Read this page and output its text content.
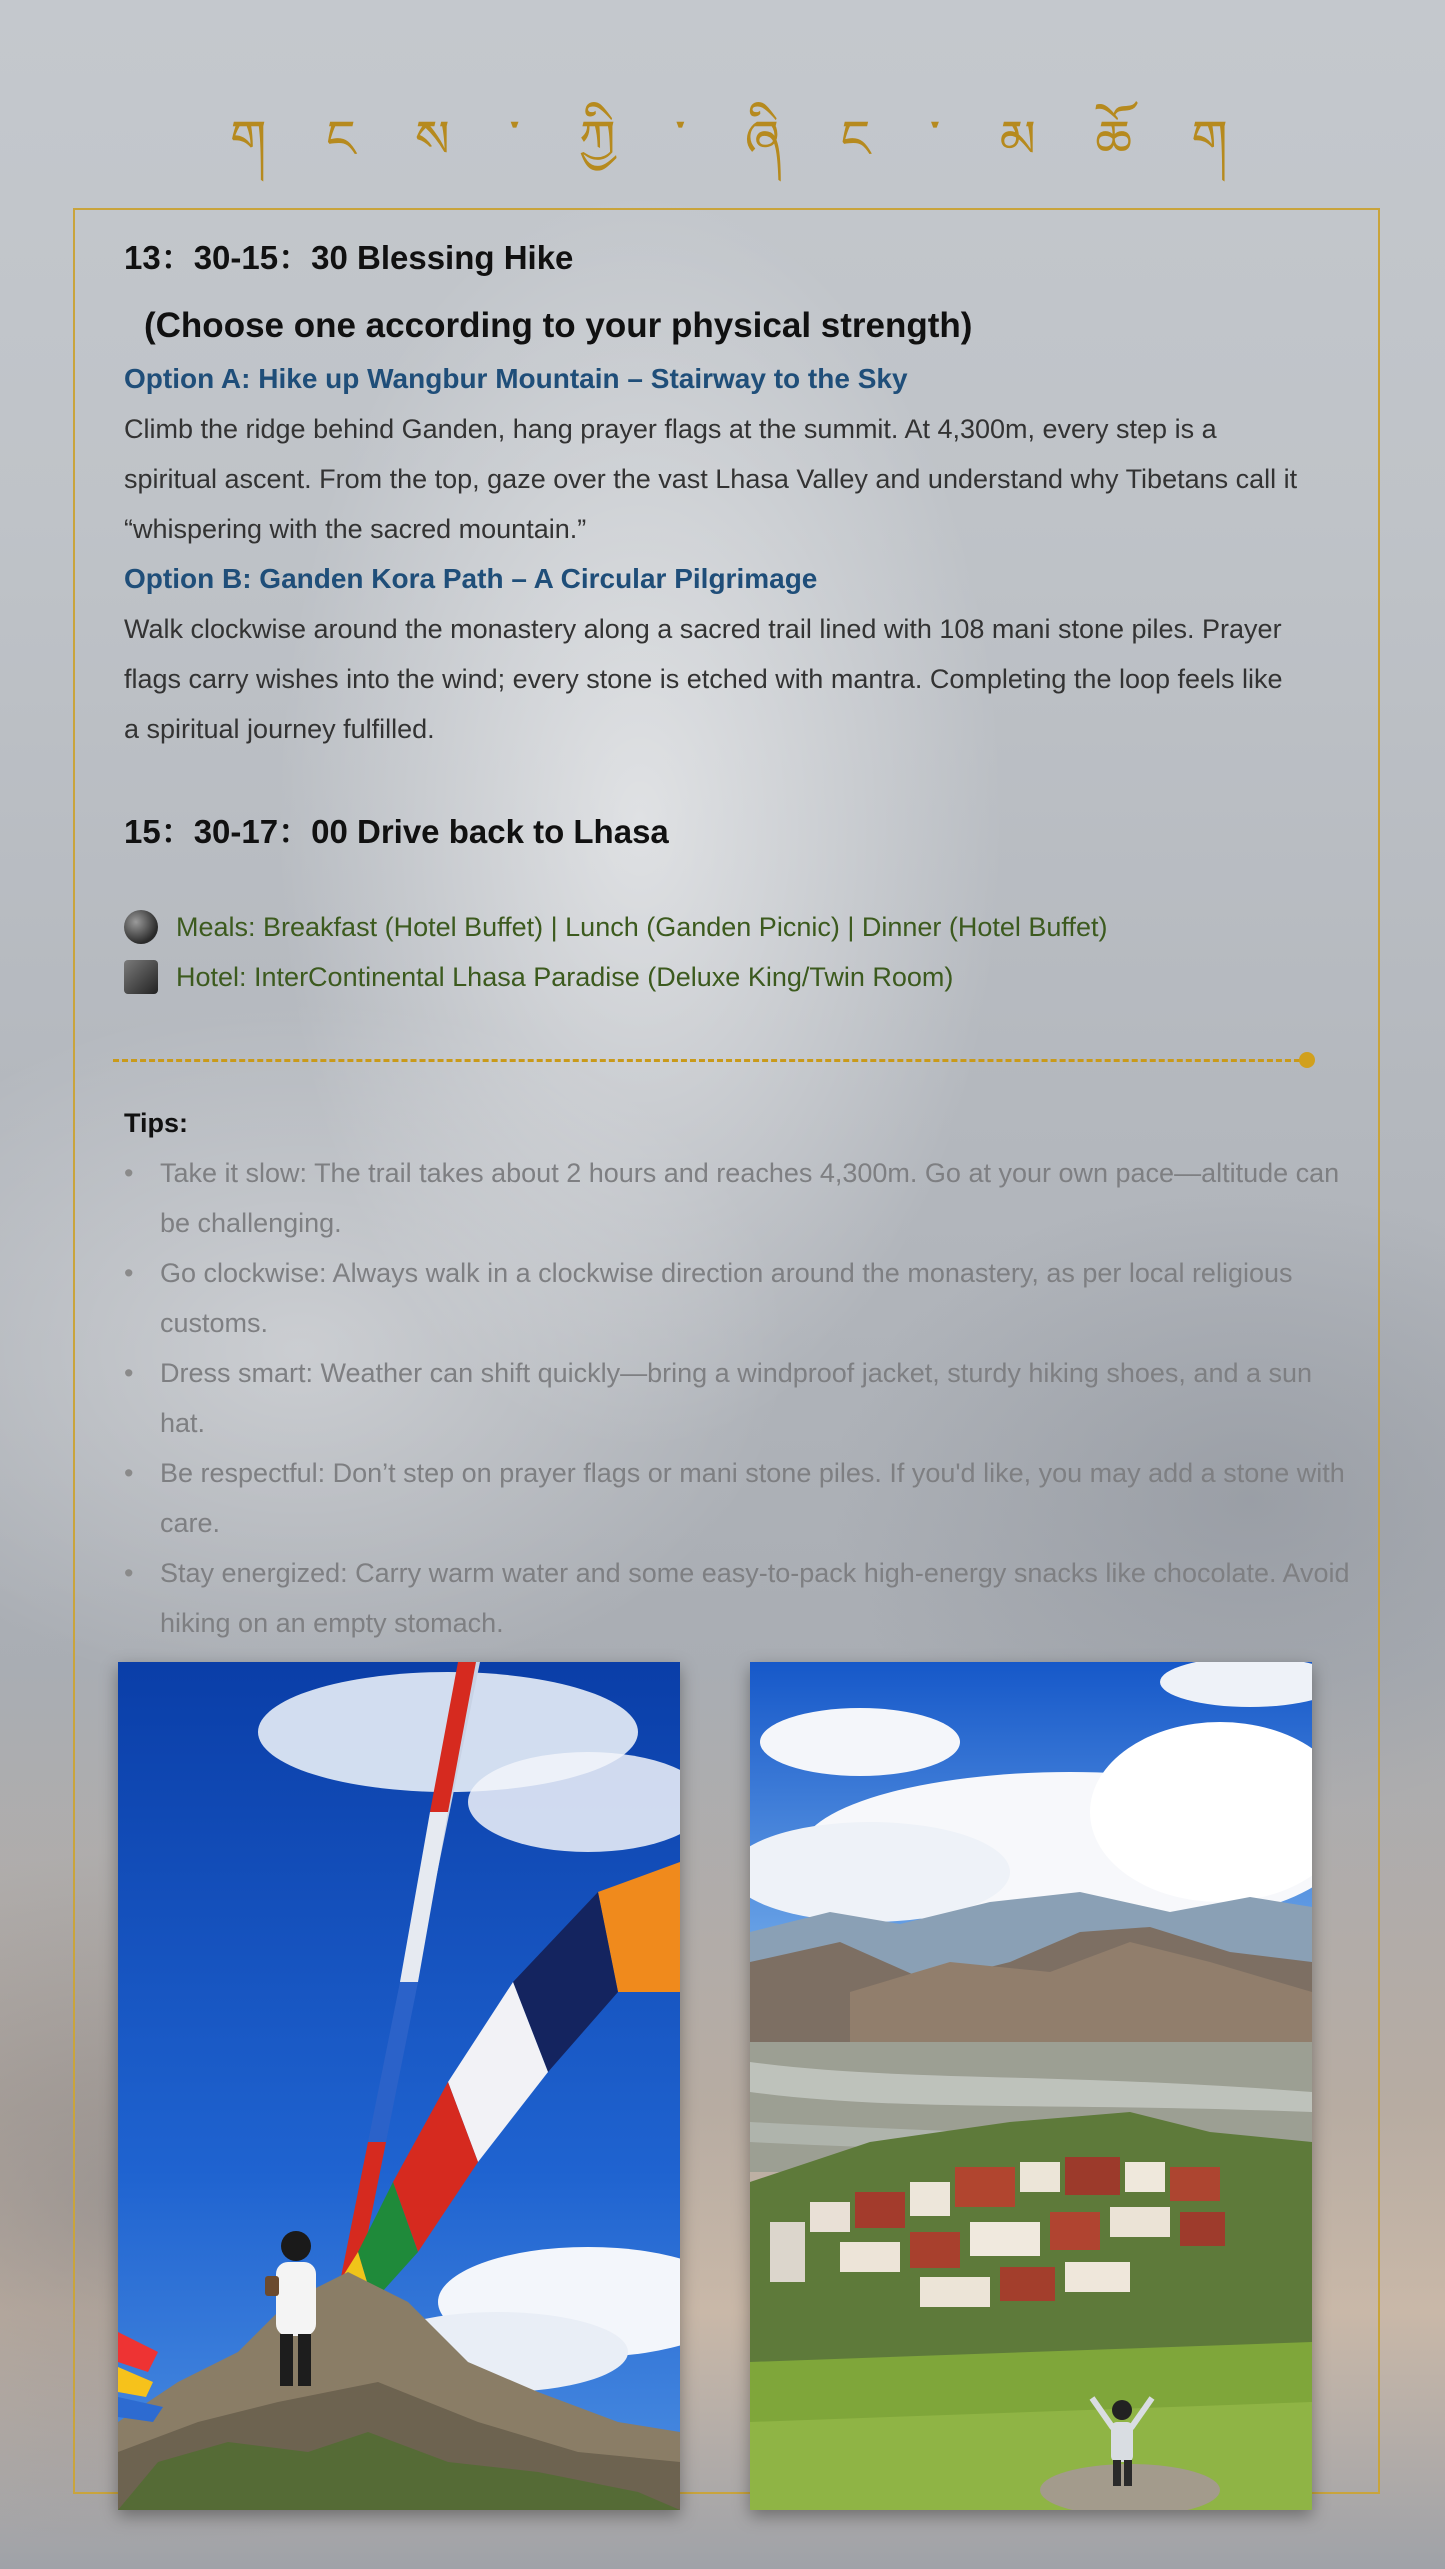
ག ང ས ་ ཀྱི ་ ཞི ང ་ མ ཆོ ག

13：30-15：30 Blessing Hike

(Choose one according to your physical strength)

Option A: Hike up Wangbur Mountain – Stairway to the Sky

Climb the ridge behind Ganden, hang prayer flags at the summit. At 4,300m, every step is a spiritual ascent. From the top, gaze over the vast Lhasa Valley and understand why Tibetans call it “whispering with the sacred mountain.”

Option B: Ganden Kora Path – A Circular Pilgrimage

Walk clockwise around the monastery along a sacred trail lined with 108 mani stone piles. Prayer flags carry wishes into the wind; every stone is etched with mantra. Completing the loop feels like a spiritual journey fulfilled.

15：30-17：00 Drive back to Lhasa

Meals: Breakfast (Hotel Buffet) | Lunch (Ganden Picnic) | Dinner (Hotel Buffet)
Hotel: InterContinental Lhasa Paradise (Deluxe King/Twin Room)
Tips:
• Take it slow: The trail takes about 2 hours and reaches 4,300m. Go at your own pace—altitude can be challenging.
• Go clockwise: Always walk in a clockwise direction around the monastery, as per local religious customs.
• Dress smart: Weather can shift quickly—bring a windproof jacket, sturdy hiking shoes, and a sun hat.
• Be respectful: Don’t step on prayer flags or mani stone piles. If you'd like, you may add a stone with care.
• Stay energized: Carry warm water and some easy-to-pack high-energy snacks like chocolate. Avoid hiking on an empty stomach.
